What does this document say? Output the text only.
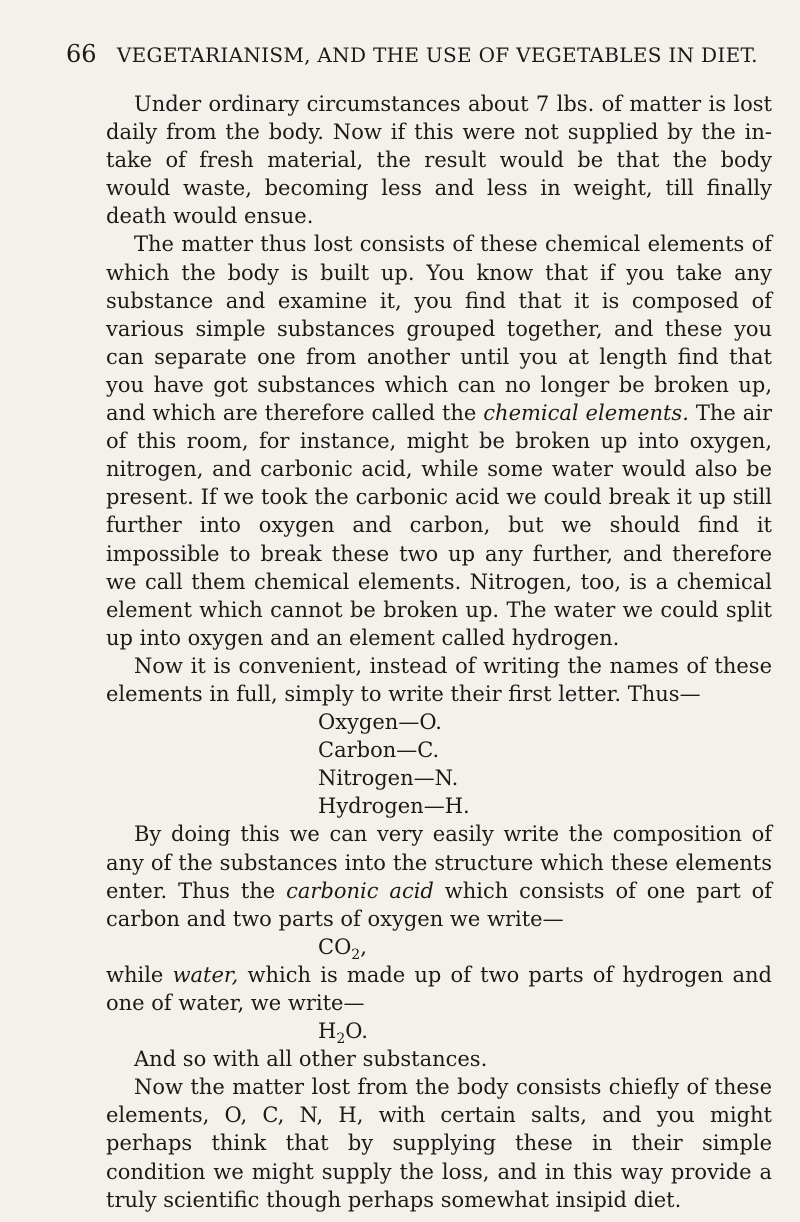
66 VEGETARIANISM, AND THE USE OF VEGETABLES IN DIET.

Under ordinary circumstances about 7 lbs. of matter is lost daily from the body. Now if this were not supplied by the intake of fresh material, the result would be that the body would waste, becoming less and less in weight, till finally death would ensue.

The matter thus lost consists of these chemical elements of which the body is built up. You know that if you take any substance and examine it, you find that it is composed of various simple substances grouped together, and these you can separate one from another until you at length find that you have got substances which can no longer be broken up, and which are therefore called the chemical elements. The air of this room, for instance, might be broken up into oxygen, nitrogen, and carbonic acid, while some water would also be present. If we took the carbonic acid we could break it up still further into oxygen and carbon, but we should find it impossible to break these two up any further, and therefore we call them chemical elements. Nitrogen, too, is a chemical element which cannot be broken up. The water we could split up into oxygen and an element called hydrogen.

Now it is convenient, instead of writing the names of these elements in full, simply to write their first letter. Thus—

Oxygen—O.
Carbon—C.
Nitrogen—N.
Hydrogen—H.

By doing this we can very easily write the composition of any of the substances into the structure which these elements enter. Thus the carbonic acid which consists of one part of carbon and two parts of oxygen we write—

$CO_2$,

while water, which is made up of two parts of hydrogen and one of water, we write—

$H_2O$.

And so with all other substances.

Now the matter lost from the body consists chiefly of these elements, O, C, N, H, with certain salts, and you might perhaps think that by supplying these in their simple condition we might supply the loss, and in this way provide a truly scientific though perhaps somewhat insipid diet.
